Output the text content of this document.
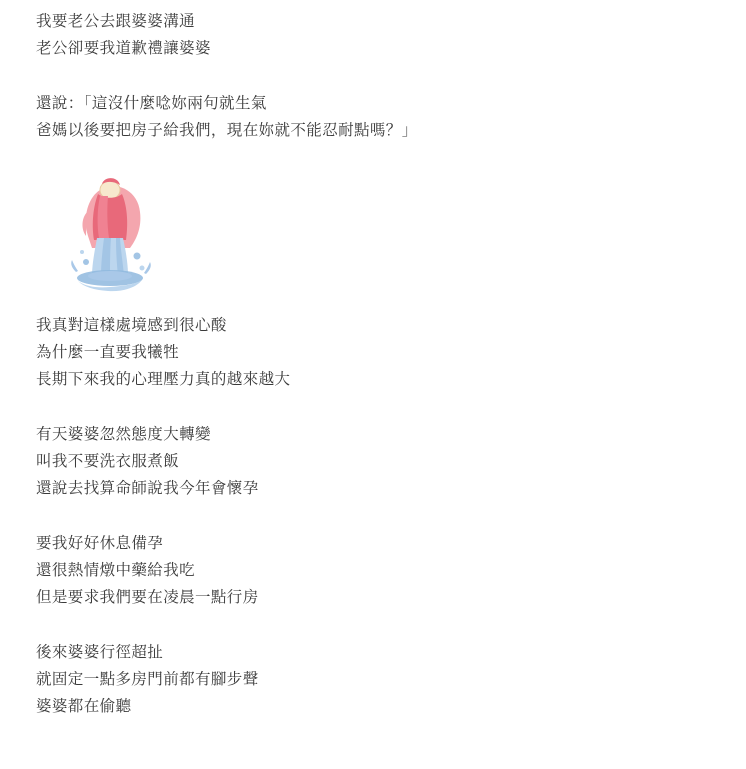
我要老公去跟婆婆溝通
老公卻要我道歉禮讓婆婆
還說：「這沒什麼唸妳兩句就生氣
爸媽以後要把房子給我們，現在妳就不能忍耐點嗎？」
我真對這樣處境感到很心酸
為什麼一直要我犧牲
長期下來我的心理壓力真的越來越大
有天婆婆忽然態度大轉變
叫我不要洗衣服煮飯
還說去找算命師說我今年會懷孕
要我好好休息備孕
還很熱情燉中藥給我吃
但是要求我們要在凌晨一點行房
後來婆婆行徑超扯
就固定一點多房門前都有腳步聲
婆婆都在偷聽
